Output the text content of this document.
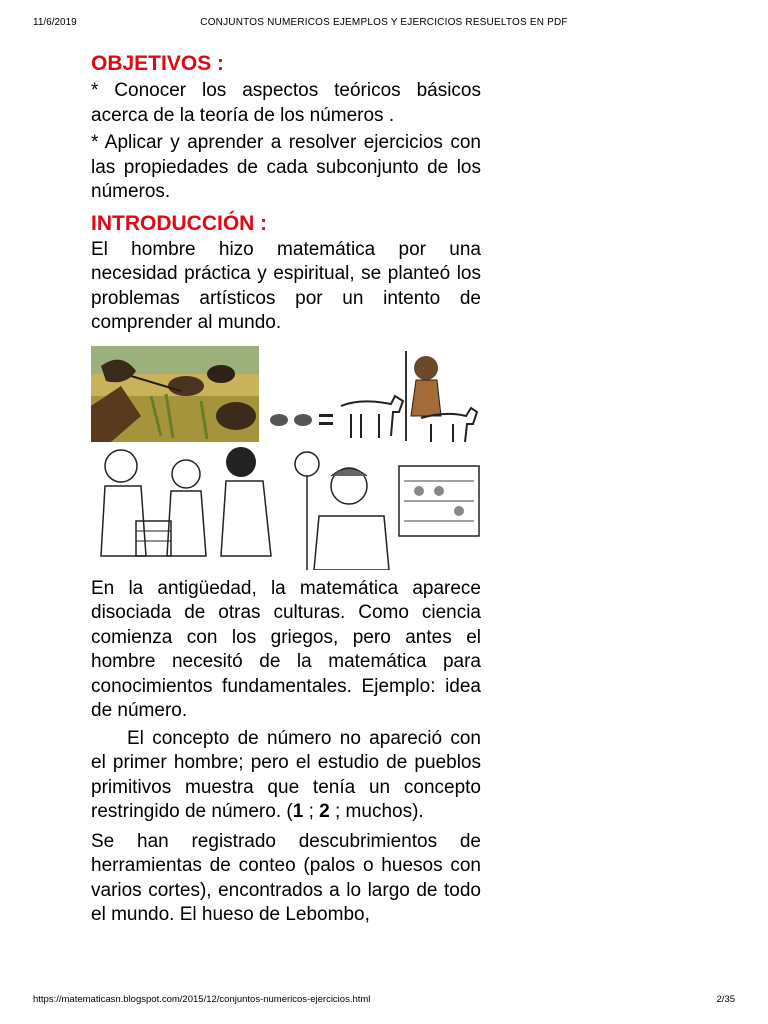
11/6/2019	CONJUNTOS NUMERICOS EJEMPLOS Y EJERCICIOS RESUELTOS EN PDF
OBJETIVOS :

* Conocer los aspectos teóricos básicos acerca de la teoría de los números .

* Aplicar y aprender a resolver ejercicios con las propiedades de cada subconjunto de los números.

INTRODUCCIÓN :

El hombre hizo matemática por una necesidad práctica y espiritual, se planteó los problemas artísticos por un intento de comprender al mundo.

En la antigüedad, la matemática aparece disociada de otras culturas. Como ciencia comienza con los griegos, pero antes el hombre necesitó de la matemática para conocimientos fundamentales. Ejemplo: idea de número.

El concepto de número no apareció con el primer hombre; pero el estudio de pueblos primitivos muestra que tenía un concepto restringido de número. (1 ; 2 ; muchos).

Se han registrado descubrimientos de herramientas de conteo (palos o huesos con varios cortes), encontrados a lo largo de todo el mundo. El hueso de Lebombo,

https://matematicasn.blogspot.com/2015/12/conjuntos-numericos-ejercicios.html	2/35
